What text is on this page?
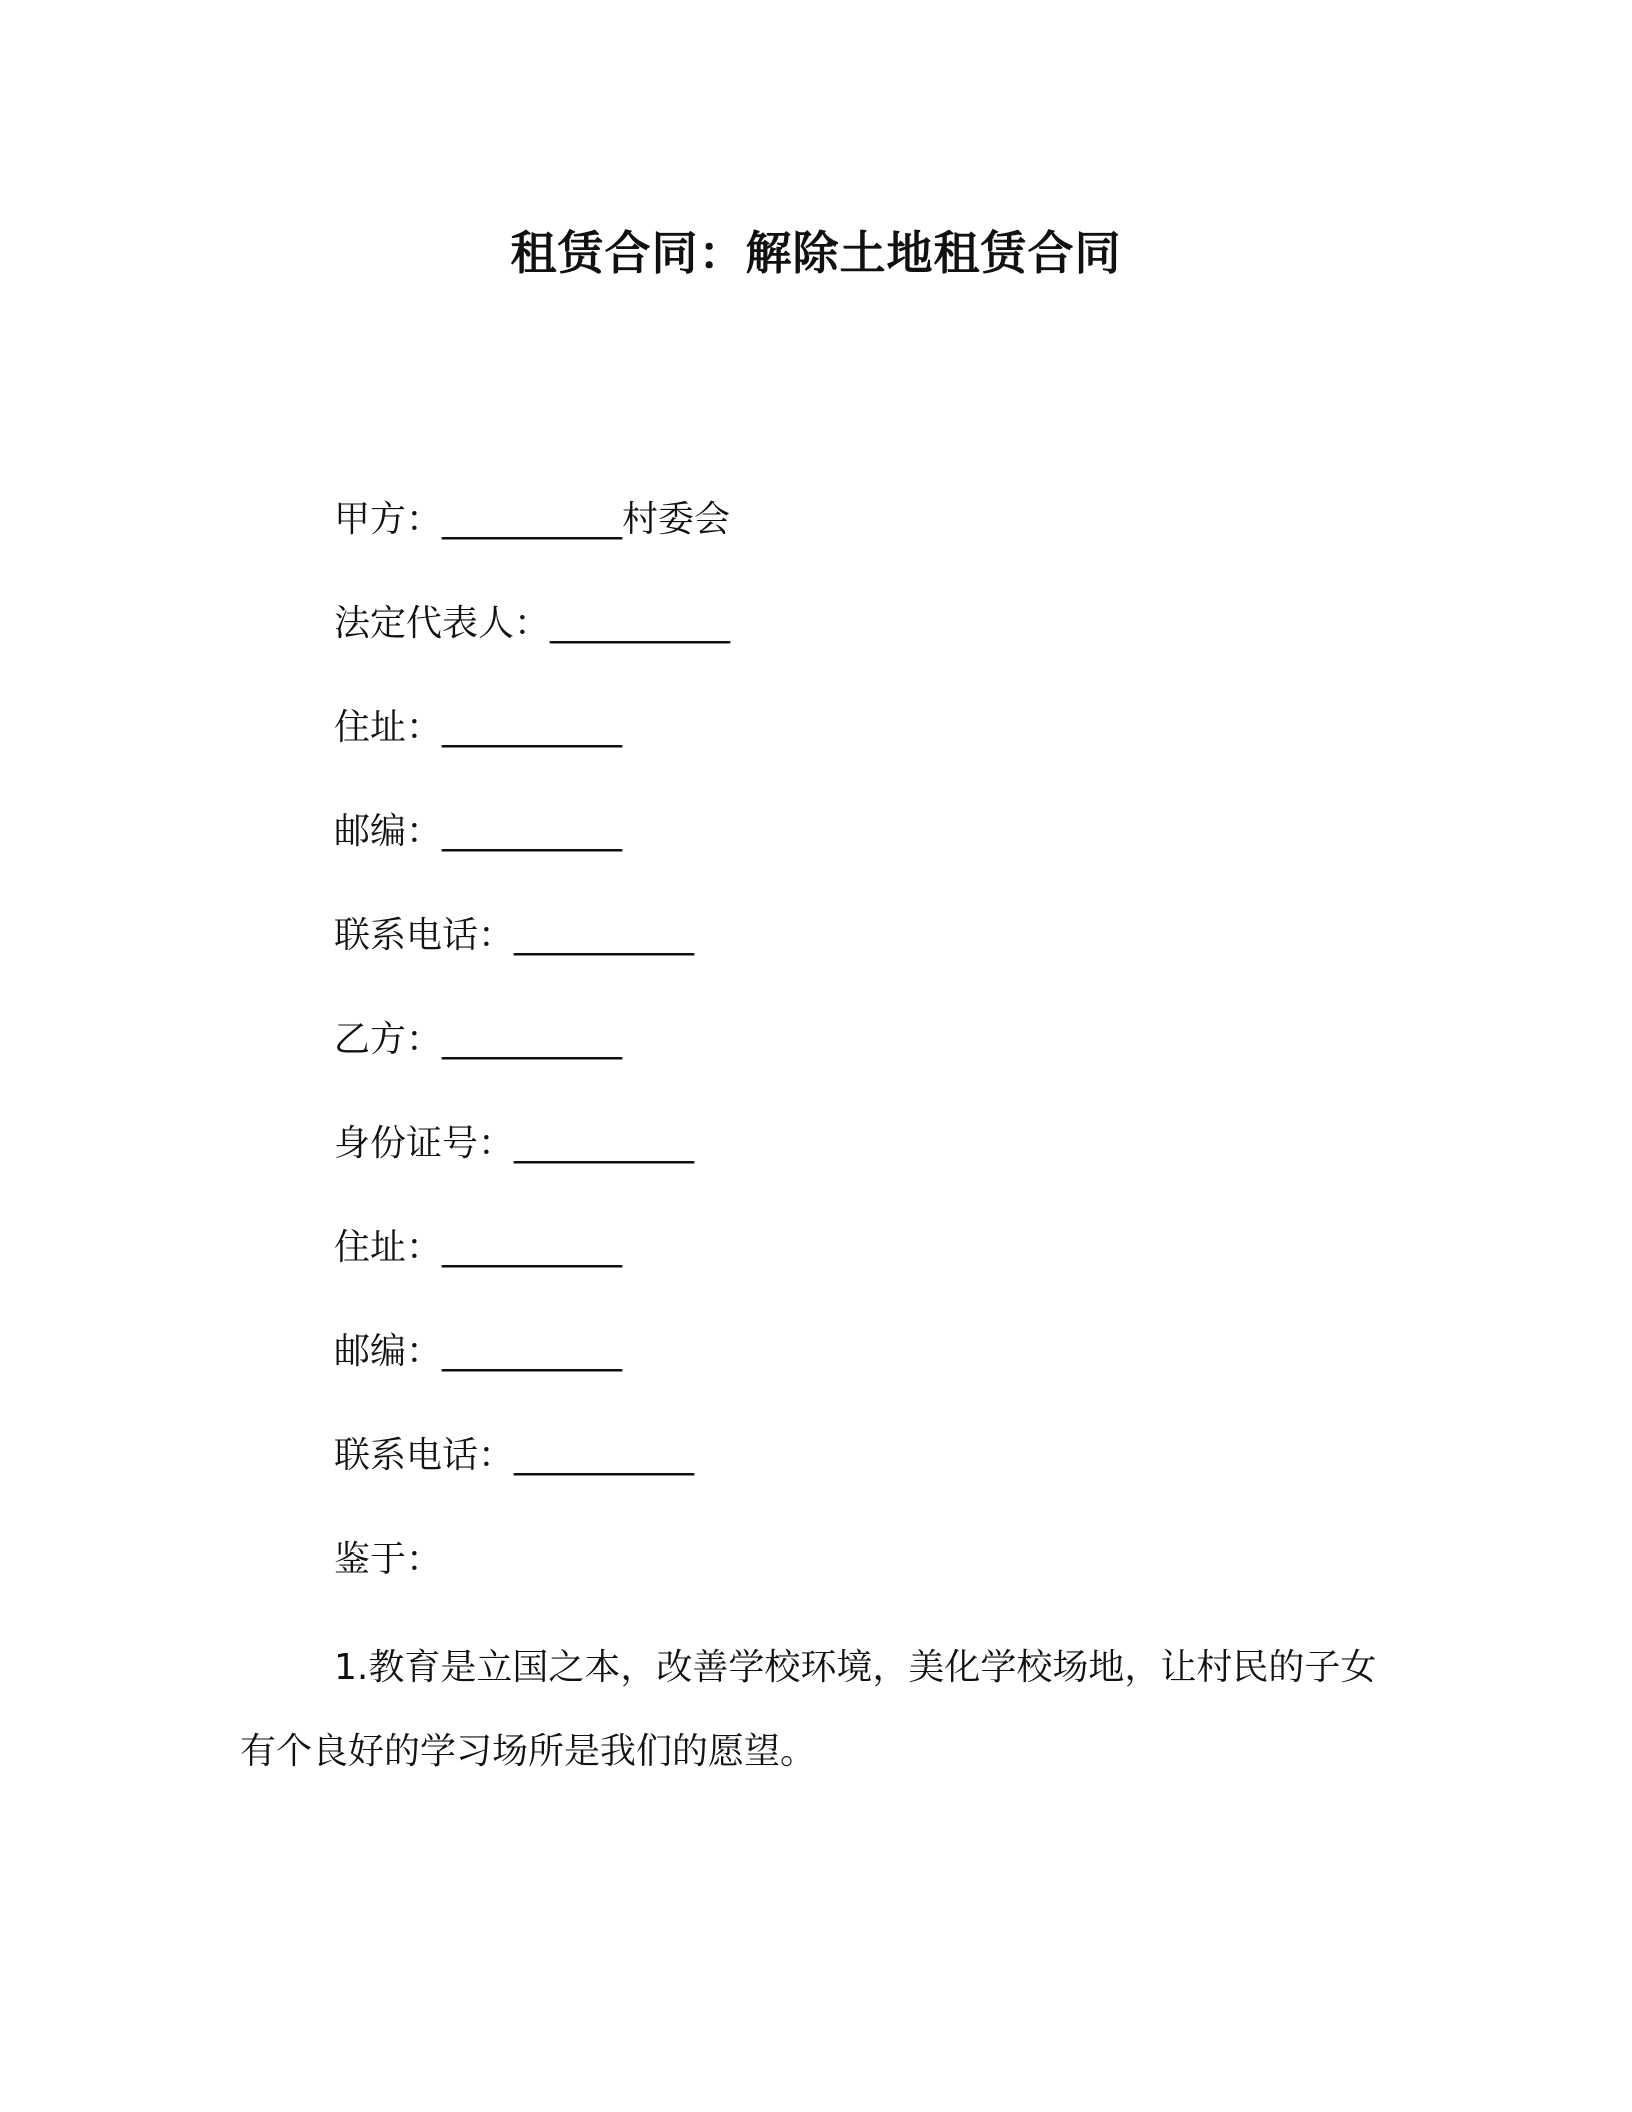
租赁合同：解除土地租赁合同
甲方：__________村委会
法定代表人：__________
住址：__________
邮编：__________
联系电话：__________
乙方：__________
身份证号：__________
住址：__________
邮编：__________
联系电话：__________
鉴于：

1.教育是立国之本，改善学校环境，美化学校场地，让村民的子女有个良好的学习场所是我们的愿望。
